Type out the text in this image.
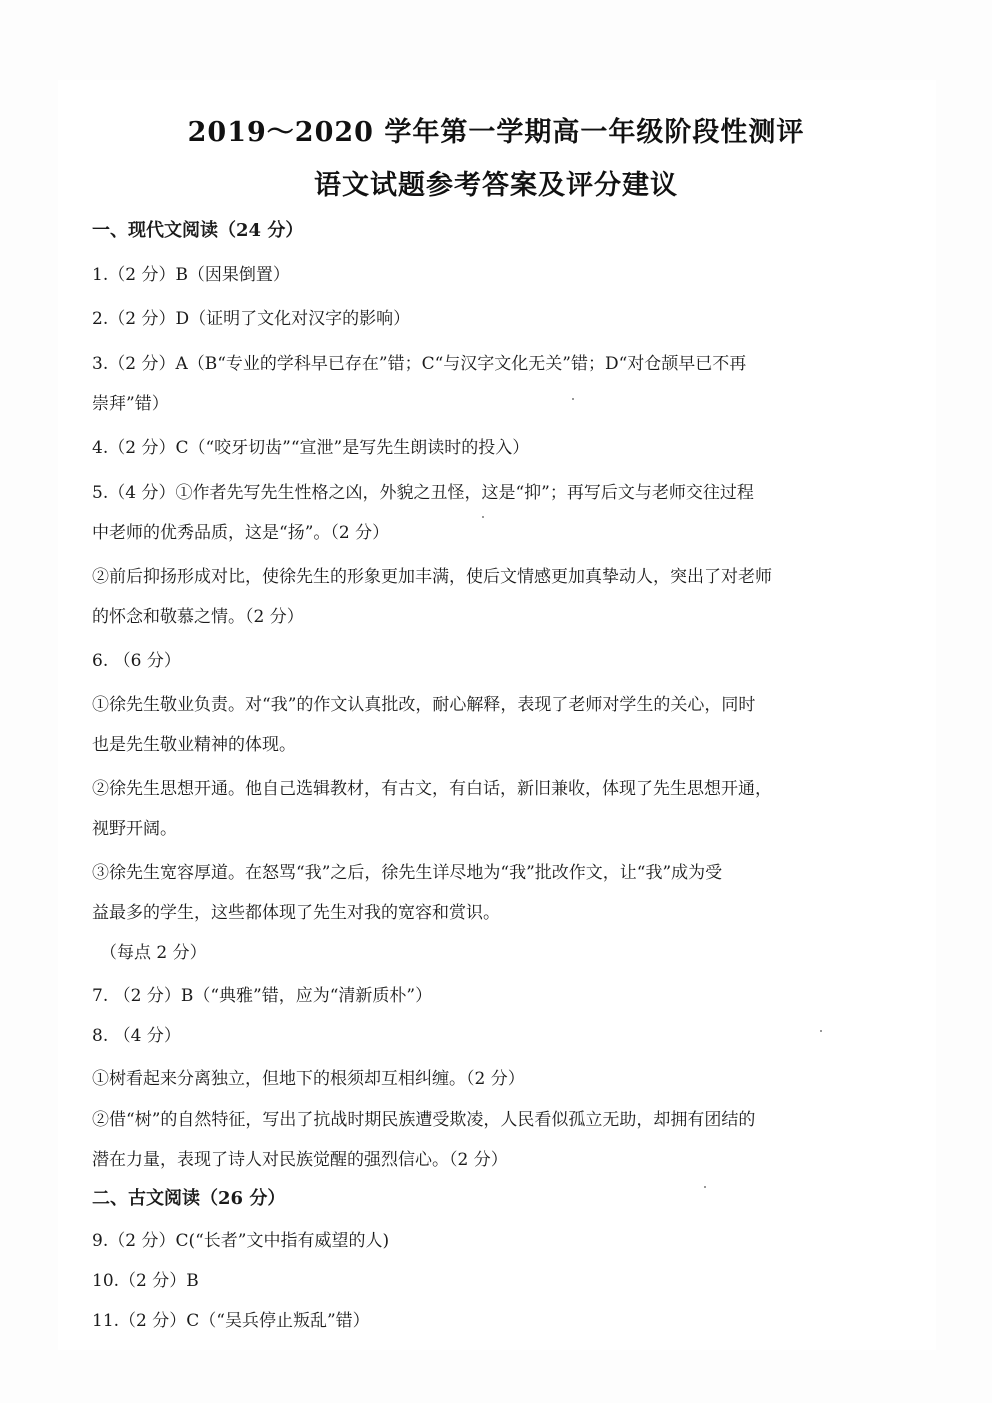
2019～2020 学年第一学期高一年级阶段性测评
语文试题参考答案及评分建议
一、现代文阅读（24 分）
1.（2 分）B（因果倒置）
2.（2 分）D（证明了文化对汉字的影响）
3.（2 分）A（B“专业的学科早已存在”错；C“与汉字文化无关”错；D“对仓颉早已不再
崇拜”错）
4.（2 分）C（“咬牙切齿”“宣泄”是写先生朗读时的投入）
5.（4 分）①作者先写先生性格之凶，外貌之丑怪，这是“抑”；再写后文与老师交往过程
中老师的优秀品质，这是“扬”。（2 分）
②前后抑扬形成对比，使徐先生的形象更加丰满，使后文情感更加真挚动人，突出了对老师
的怀念和敬慕之情。（2 分）
6. （6 分）
①徐先生敬业负责。对“我”的作文认真批改，耐心解释，表现了老师对学生的关心，同时
也是先生敬业精神的体现。
②徐先生思想开通。他自己选辑教材，有古文，有白话，新旧兼收，体现了先生思想开通，
视野开阔。
③徐先生宽容厚道。在怒骂“我”之后，徐先生详尽地为“我”批改作文，让“我”成为受
益最多的学生，这些都体现了先生对我的宽容和赏识。
（每点 2 分）
7. （2 分）B（“典雅”错，应为“清新质朴”）
8. （4 分）
①树看起来分离独立，但地下的根须却互相纠缠。（2 分）
②借“树”的自然特征，写出了抗战时期民族遭受欺凌，人民看似孤立无助，却拥有团结的
潜在力量，表现了诗人对民族觉醒的强烈信心。（2 分）
二、古文阅读（26 分）
9.（2 分）C(“长者”文中指有威望的人)
10.（2 分）B
11.（2 分）C（“吴兵停止叛乱”错）
